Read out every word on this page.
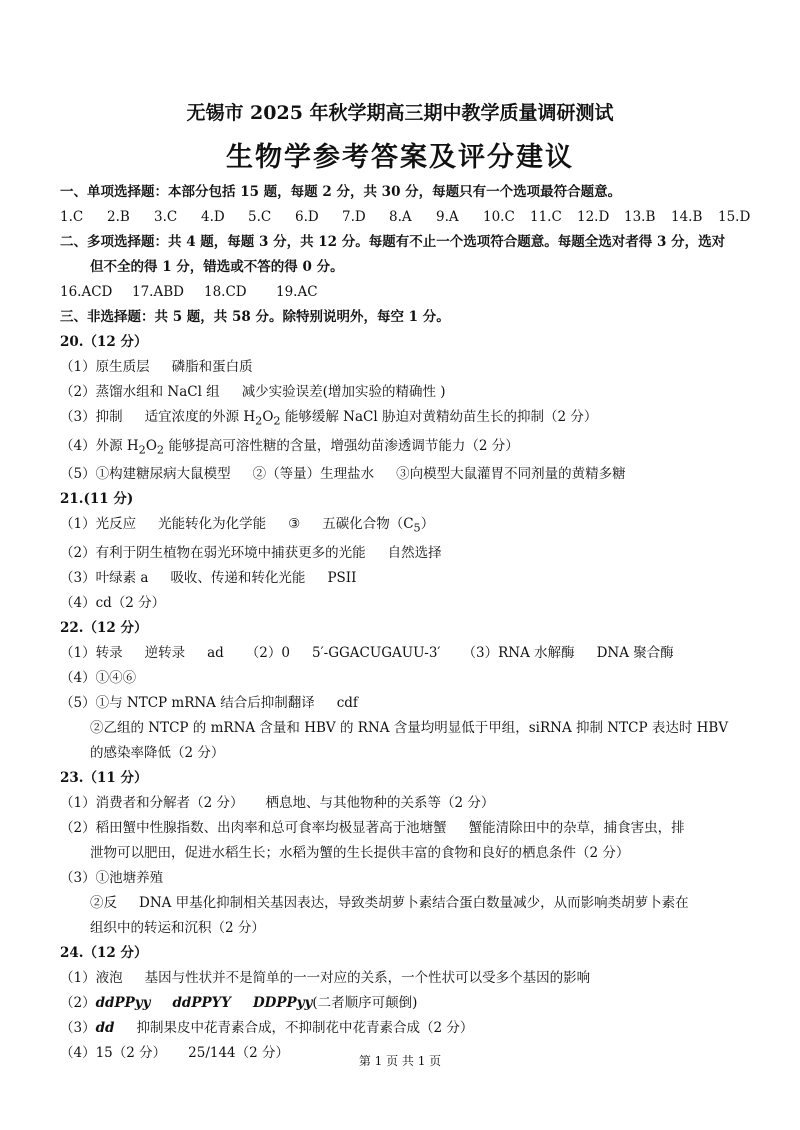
无锡市 2025 年秋学期高三期中教学质量调研测试
生物学参考答案及评分建议
一、单项选择题：本部分包括 15 题，每题 2 分，共 30 分，每题只有一个选项最符合题意。
1.C 2.B 3.C 4.D 5.C 6.D 7.D 8.A 9.A 10.C 11.C 12.D 13.B 14.B 15.D
二、多项选择题：共 4 题，每题 3 分，共 12 分。每题有不止一个选项符合题意。每题全选对者得 3 分，选对
但不全的得 1 分，错选或不答的得 0 分。
16.ACD 17.ABD 18.CD 19.AC
三、非选择题：共 5 题，共 58 分。除特别说明外，每空 1 分。
20.（12 分）
（1）原生质层 磷脂和蛋白质
（2）蒸馏水组和 NaCl 组 减少实验误差(增加实验的精确性 )
（3）抑制 适宜浓度的外源 $H_2O_2$ 能够缓解 NaCl 胁迫对黄精幼苗生长的抑制（2 分）
（4）外源 $H_2O_2$ 能够提高可溶性糖的含量，增强幼苗渗透调节能力（2 分）
（5）①构建糖尿病大鼠模型 ②（等量）生理盐水 ③向模型大鼠灌胃不同剂量的黄精多糖
21.(11 分)
（1）光反应 光能转化为化学能 ③ 五碳化合物$(C_5)$
（2）有利于阴生植物在弱光环境中捕获更多的光能 自然选择
（3）叶绿素 a 吸收、传递和转化光能 PSII
（4）cd（2 分）
22.（12 分）
（1）转录 逆转录 ad （2）0 5′-GGACUGAUU-3′ （3）RNA 水解酶 DNA 聚合酶
（4）①④⑥
（5）①与 NTCP mRNA 结合后抑制翻译 cdf
②乙组的 NTCP 的 mRNA 含量和 HBV 的 RNA 含量均明显低于甲组，siRNA 抑制 NTCP 表达时 HBV
的感染率降低（2 分）
23.（11 分）
（1）消费者和分解者（2 分） 栖息地、与其他物种的关系等（2 分）
（2）稻田蟹中性腺指数、出肉率和总可食率均极显著高于池塘蟹 蟹能清除田中的杂草，捕食害虫，排
泄物可以肥田，促进水稻生长；水稻为蟹的生长提供丰富的食物和良好的栖息条件（2 分）
（3）①池塘养殖
②反 DNA 甲基化抑制相关基因表达，导致类胡萝卜素结合蛋白数量减少，从而影响类胡萝卜素在
组织中的转运和沉积（2 分）
24.（12 分）
（1）液泡 基因与性状并不是简单的一一对应的关系，一个性状可以受多个基因的影响
（2）ddPPyy ddPPYY DDPPyy(二者顺序可颠倒)
（3）dd 抑制果皮中花青素合成，不抑制花中花青素合成（2 分）
（4）15（2 分） 25/144（2 分）	第 1 页 共 1 页
